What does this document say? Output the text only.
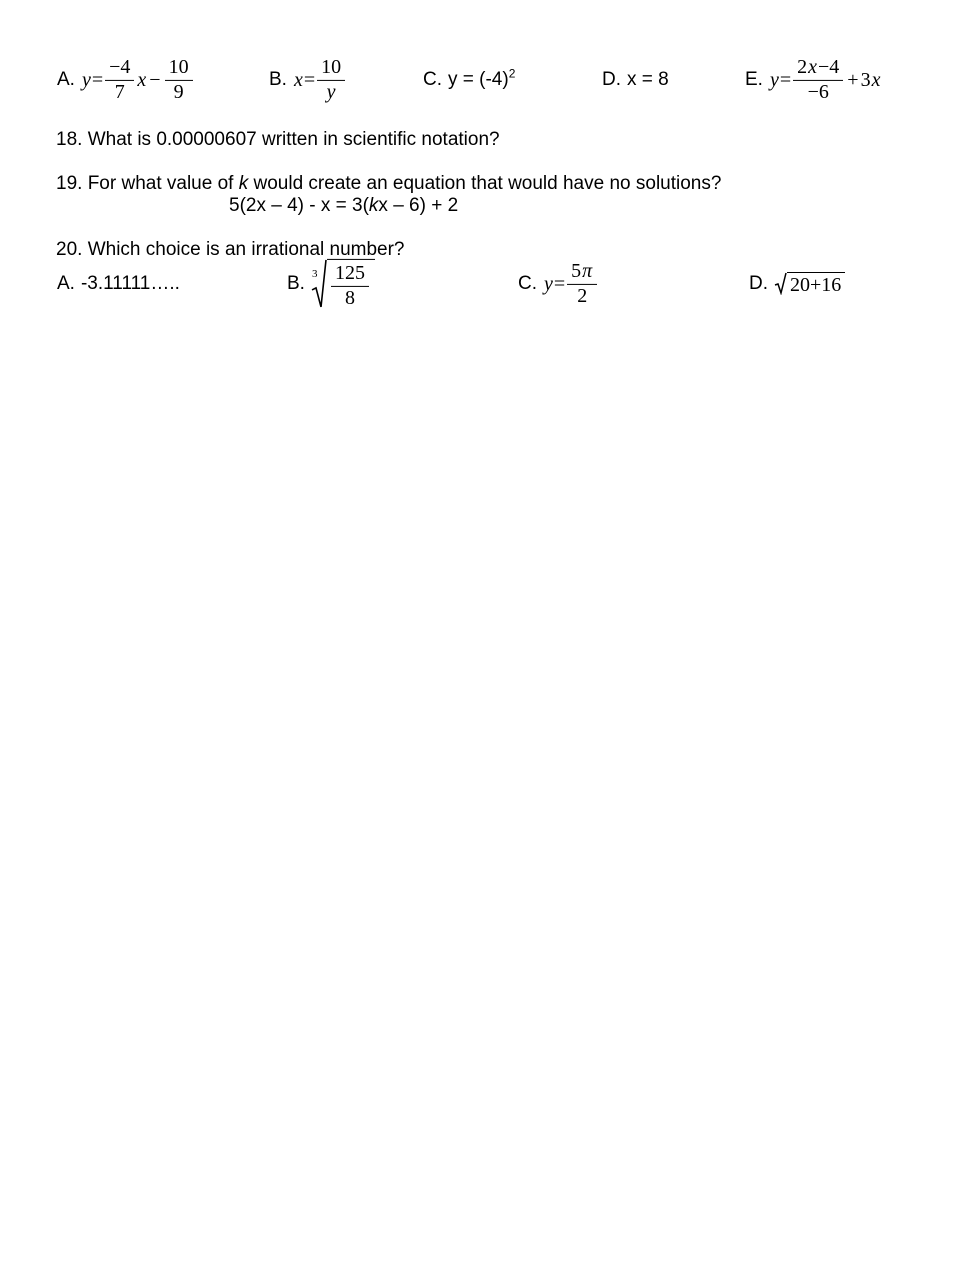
A. $y = \frac{-4}{7}$ $x - \frac{10}{9}$	B. $x = \frac{10}{y}$	C. $y = (-4)^2$	D. x = 8	E. $y = \frac{2x-4}{-6} + 3$ x
18. What is 0.00000607 written in scientific notation?
19. For what value of k would create an equation that would have no solutions?
5(2x – 4) - x = 3(kx – 6) + 2
20. Which choice is an irrational number?
A. -3.11111…..	B. $3 \frac{125}{8}$	C. $y = \frac{5\pi}{2}$	D. 20+16
